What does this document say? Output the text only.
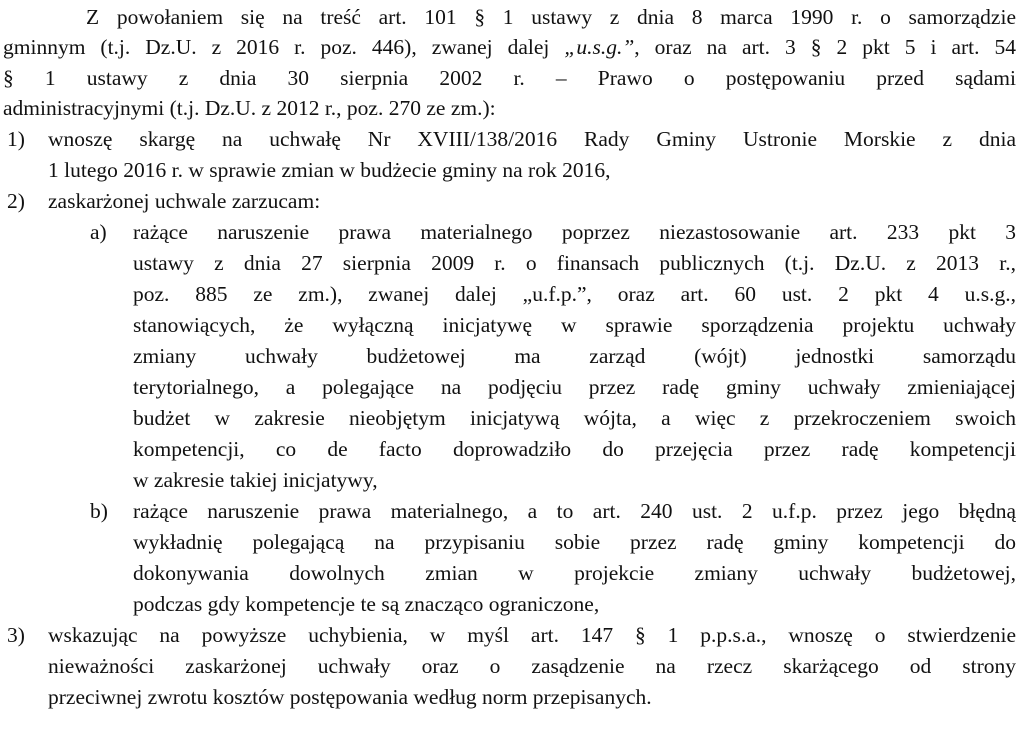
Z powołaniem się na treść art. 101 § 1 ustawy z dnia 8 marca 1990 r. o samorządzie
gminnym (t.j. Dz.U. z 2016 r. poz. 446), zwanej dalej „u.s.g.”, oraz na art. 3 § 2 pkt 5 i art. 54
§ 1 ustawy z dnia 30 sierpnia 2002 r. – Prawo o postępowaniu przed sądami
administracyjnymi (t.j. Dz.U. z 2012 r., poz. 270 ze zm.):
1) wnoszę skargę na uchwałę Nr XVIII/138/2016 Rady Gminy Ustronie Morskie z dnia
1 lutego 2016 r. w sprawie zmian w budżecie gminy na rok 2016,
2) zaskarżonej uchwale zarzucam:
a) rażące naruszenie prawa materialnego poprzez niezastosowanie art. 233 pkt 3
ustawy z dnia 27 sierpnia 2009 r. o finansach publicznych (t.j. Dz.U. z 2013 r.,
poz. 885 ze zm.), zwanej dalej „u.f.p.”, oraz art. 60 ust. 2 pkt 4 u.s.g.,
stanowiących, że wyłączną inicjatywę w sprawie sporządzenia projektu uchwały
zmiany uchwały budżetowej ma zarząd (wójt) jednostki samorządu
terytorialnego, a polegające na podjęciu przez radę gminy uchwały zmieniającej
budżet w zakresie nieobjętym inicjatywą wójta, a więc z przekroczeniem swoich
kompetencji, co de facto doprowadziło do przejęcia przez radę kompetencji
w zakresie takiej inicjatywy,
b) rażące naruszenie prawa materialnego, a to art. 240 ust. 2 u.f.p. przez jego błędną
wykładnię polegającą na przypisaniu sobie przez radę gminy kompetencji do
dokonywania dowolnych zmian w projekcie zmiany uchwały budżetowej,
podczas gdy kompetencje te są znacząco ograniczone,
3) wskazując na powyższe uchybienia, w myśl art. 147 § 1 p.p.s.a., wnoszę o stwierdzenie
nieważności zaskarżonej uchwały oraz o zasądzenie na rzecz skarżącego od strony
przeciwnej zwrotu kosztów postępowania według norm przepisanych.
